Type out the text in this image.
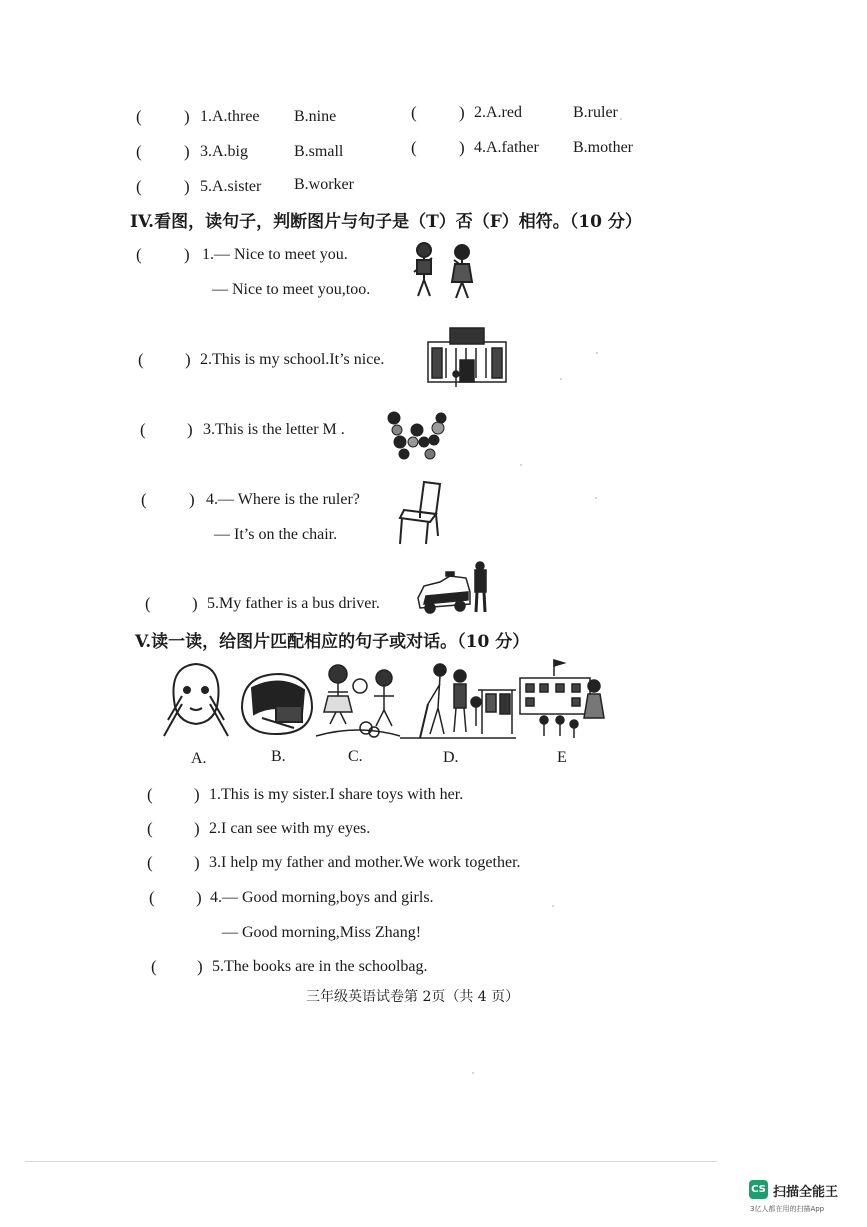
( ) 1.A.three B.nine	( ) 2.A.red	B.ruler
( ) 3.A.big	B.small	( ) 4.A.father B.mother
( ) 5.A.sister B.worker
IV.看图，读句子，判断图片与句子是（T）否（F）相符。（10 分）
( ) 1.— Nice to meet you.
— Nice to meet you,too.
( ) 2.This is my school.It’s nice.
( ) 3.This is the letter M .
( ) 4.— Where is the ruler?
— It’s on the chair.
( ) 5.My father is a bus driver.
V.读一读，给图片匹配相应的句子或对话。（10 分）
A.	B.	C.	D.	E
( ) 1.This is my sister.I share toys with her.
( ) 2.I can see with my eyes.
( ) 3.I help my father and mother.We work together.
( ) 4.— Good morning,boys and girls.
— Good morning,Miss Zhang!
( ) 5.The books are in the schoolbag.
三年级英语试卷第 2页（共 4 页）
CS 扫描全能王
3亿人都在用的扫描App
